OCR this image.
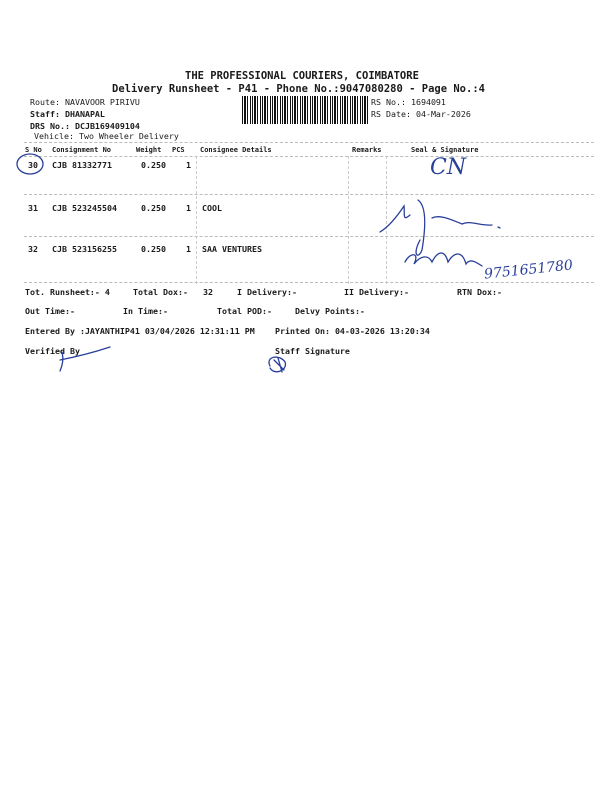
THE PROFESSIONAL COURIERS, COIMBATORE
Delivery Runsheet - P41 - Phone No.:9047080280 - Page No.:4
Route: NAVAVOOR PIRIVU
Staff: DHANAPAL
DRS No.: DCJB169409104
Vehicle: Two Wheeler Delivery
RS No.: 1694091
RS Date: 04-Mar-2026
S No Consignment No	Weight PCS Consignee Details	Remarks	Seal & Signature
30 CJB 81332771	0.250 1
31 CJB 523245504	0.250 1 COOL
32 CJB 523156255	0.250 1 SAA VENTURES
Tot. Runsheet:- 4	Total Dox:- 32	I Delivery:-	II Delivery:-	RTN Dox:-
Out Time:-	In Time:-	Total POD:-	Delvy Points:-
Entered By :JAYANTHIP41 03/04/2026 12:31:11 PM Printed On: 04-03-2026 13:20:34
Verified By	Staff Signature
CN
9751651780
